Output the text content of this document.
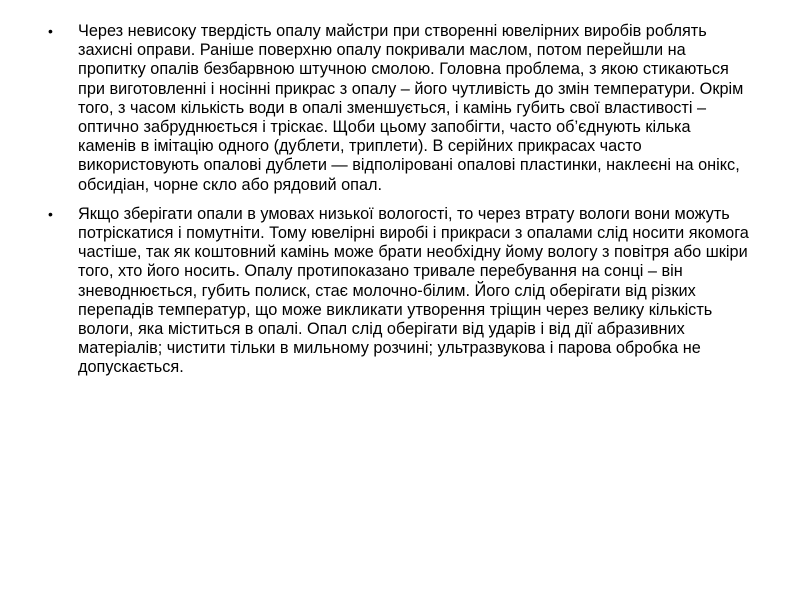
• Через невисоку твердість опалу майстри при створенні ювелірних виробів роблять захисні оправи. Раніше поверхню опалу покривали маслом, потом перейшли на пропитку опалів безбарвною штучною смолою. Головна проблема, з якою стикаються при виготовленні і носінні прикрас з опалу – його чутливість до змін температури. Окрім того, з часом кількість води в опалі зменшується, і камінь губить свої властивості – оптично забруднюється і тріскає. Щоби цьому запобігти, часто об’єднують кілька каменів в імітацію одного (дублети, триплети). В серійних прикрасах часто використовують опалові дублети — відполіровані опалові пластинки, наклеєні на онікс, обсидіан, чорне скло або рядовий опал.
• Якщо зберігати опали в умовах низької вологості, то через втрату вологи вони можуть потріскатися і помутніти. Тому ювелірні виробі і прикраси з опалами слід носити якомога частіше, так як коштовний камінь може брати необхідну йому вологу з повітря або шкіри того, хто його носить. Опалу протипоказано тривале перебування на сонці – він зневоднюється, губить полиск, стає молочно-білим. Його слід оберігати від різких перепадів температур, що може викликати утворення тріщин через велику кількість вологи, яка міститься в опалі. Опал слід оберігати від ударів і від дії абразивних матеріалів; чистити тільки в мильному розчині; ультразвукова і парова обробка не допускається.
